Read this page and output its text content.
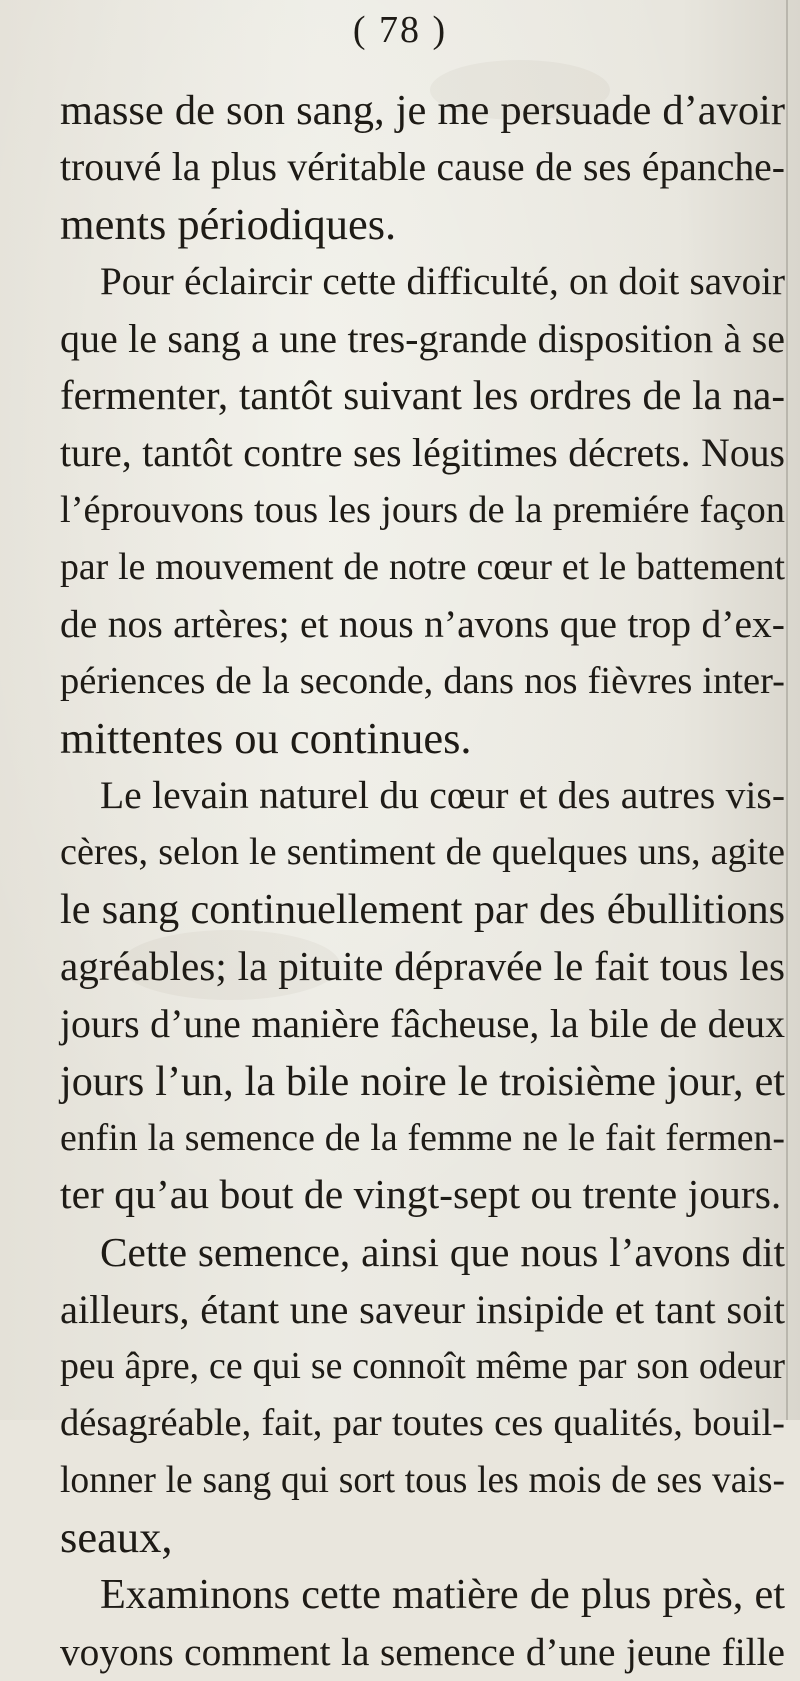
( 78 )
masse de son sang, je me persuade d’avoir
trouvé la plus véritable cause de ses épanche-
ments périodiques.
Pour éclaircir cette difficulté, on doit savoir
que le sang a une tres-grande disposition à se
fermenter, tantôt suivant les ordres de la na-
ture, tantôt contre ses légitimes décrets. Nous
l’éprouvons tous les jours de la premiére façon
par le mouvement de notre cœur et le battement
de nos artères; et nous n’avons que trop d’ex-
périences de la seconde, dans nos fièvres inter-
mittentes ou continues.
Le levain naturel du cœur et des autres vis-
cères, selon le sentiment de quelques uns, agite
le sang continuellement par des ébullitions
agréables; la pituite dépravée le fait tous les
jours d’une manière fâcheuse, la bile de deux
jours l’un, la bile noire le troisième jour, et
enfin la semence de la femme ne le fait fermen-
ter qu’au bout de vingt-sept ou trente jours.
Cette semence, ainsi que nous l’avons dit
ailleurs, étant une saveur insipide et tant soit
peu âpre, ce qui se connoît même par son odeur
désagréable, fait, par toutes ces qualités, bouil-
lonner le sang qui sort tous les mois de ses vais-
seaux,
Examinons cette matière de plus près, et
voyons comment la semence d’une jeune fille
